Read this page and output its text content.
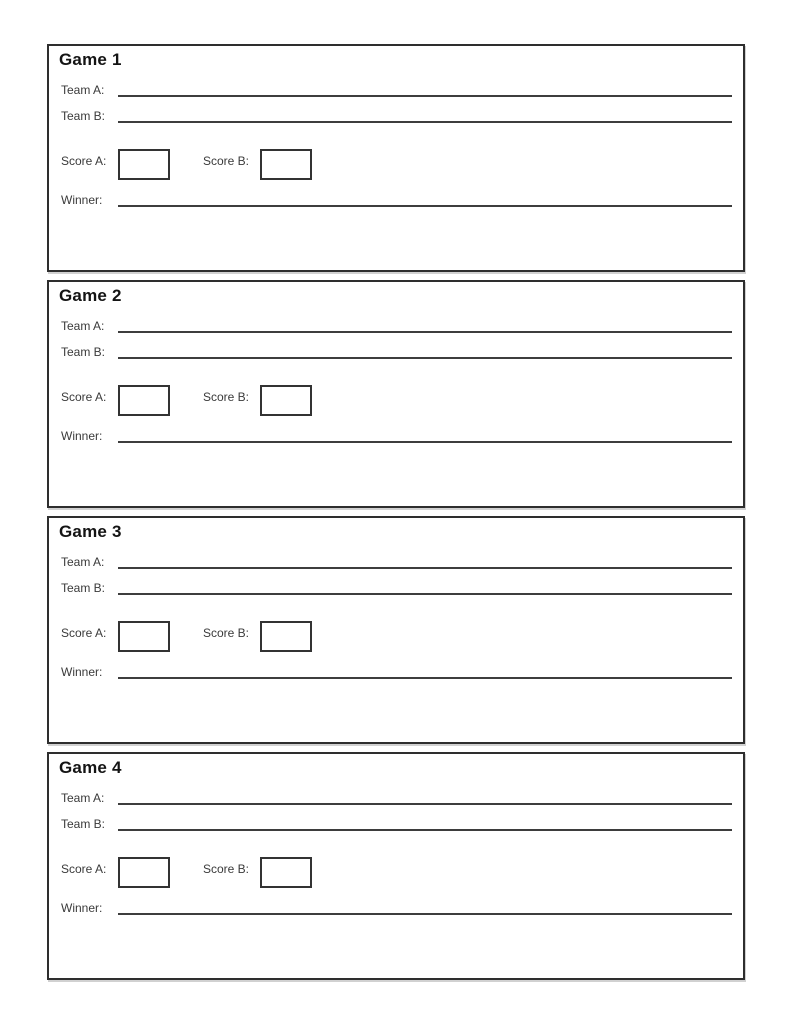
Game 1
Team A:
Team B:
Score A:	Score B:
Winner:
Game 2
Team A:
Team B:
Score A:	Score B:
Winner:
Game 3
Team A:
Team B:
Score A:	Score B:
Winner:
Game 4
Team A:
Team B:
Score A:	Score B:
Winner:
